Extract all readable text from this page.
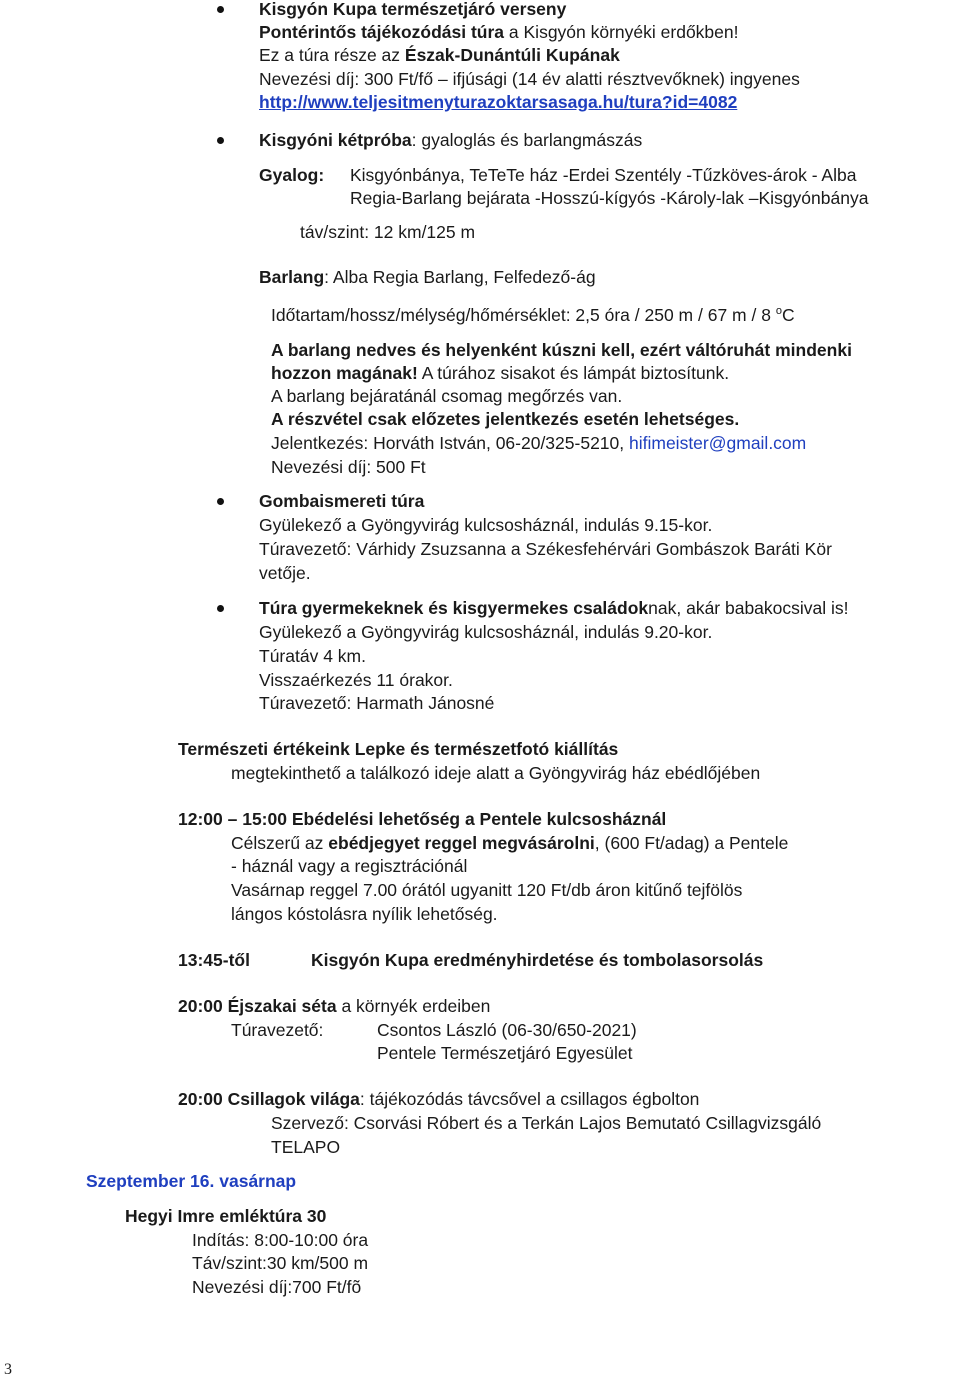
Kisgyón Kupa természetjáró verseny
Pontérintős tájékozódási túra a Kisgyón környéki erdőkben!
Ez a túra része az Észak-Dunántúli Kupának
Nevezési díj: 300 Ft/fő – ifjúsági (14 év alatti résztvevőknek) ingyenes
http://www.teljesitmenyturazoktarsasaga.hu/tura?id=4082
Kisgyóni kétpróba: gyaloglás és barlangmászás
Gyalog: Kisgyónbánya, TeTeTe ház -Erdei Szentély -Tűzköves-árok - Alba
Regia-Barlang bejárata -Hosszú-kígyós -Károly-lak –Kisgyónbánya
táv/szint: 12 km/125 m
Barlang: Alba Regia Barlang, Felfedező-ág
Időtartam/hossz/mélység/hőmérséklet: 2,5 óra / 250 m / 67 m / 8 $^o$C
A barlang nedves és helyenként kúszni kell, ezért váltóruhát mindenki
hozzon magának! A túrához sisakot és lámpát biztosítunk.
A barlang bejáratánál csomag megőrzés van.
A részvétel csak előzetes jelentkezés esetén lehetséges.
Jelentkezés: Horváth István, 06-20/325-5210, hifimeister@gmail.com
Nevezési díj: 500 Ft
Gombaismereti túra
Gyülekező a Gyöngyvirág kulcsosháznál, indulás 9.15-kor.
Túravezető: Várhidy Zsuzsanna a Székesfehérvári Gombászok Baráti Kör
vetője.
Túra gyermekeknek és kisgyermekes családoknak, akár babakocsival is!
Gyülekező a Gyöngyvirág kulcsosháznál, indulás 9.20-kor.
Túratáv 4 km.
Visszaérkezés 11 órakor.
Túravezető: Harmath Jánosné
Természeti értékeink Lepke és természetfotó kiállítás
megtekinthető a találkozó ideje alatt a Gyöngyvirág ház ebédlőjében
12:00 – 15:00 Ebédelési lehetőség a Pentele kulcsosháznál
Célszerű az ebédjegyet reggel megvásárolni, (600 Ft/adag) a Pentele
- háznál vagy a regisztrációnál
Vasárnap reggel 7.00 órától ugyanitt 120 Ft/db áron kitűnő tejfölös
lángos kóstolásra nyílik lehetőség.
13:45-től	Kisgyón Kupa eredményhirdetése és tombolasorsolás
20:00 Éjszakai séta a környék erdeiben
Túravezető:	Csontos László (06-30/650-2021)
Pentele Természetjáró Egyesület
20:00 Csillagok világa: tájékozódás távcsővel a csillagos égbolton
Szervező: Csorvási Róbert és a Terkán Lajos Bemutató Csillagvizsgáló
TELAPO
Szeptember 16. vasárnap
Hegyi Imre emléktúra 30
Indítás: 8:00-10:00 óra
Táv/szint:30 km/500 m
Nevezési díj:700 Ft/fõ
3
